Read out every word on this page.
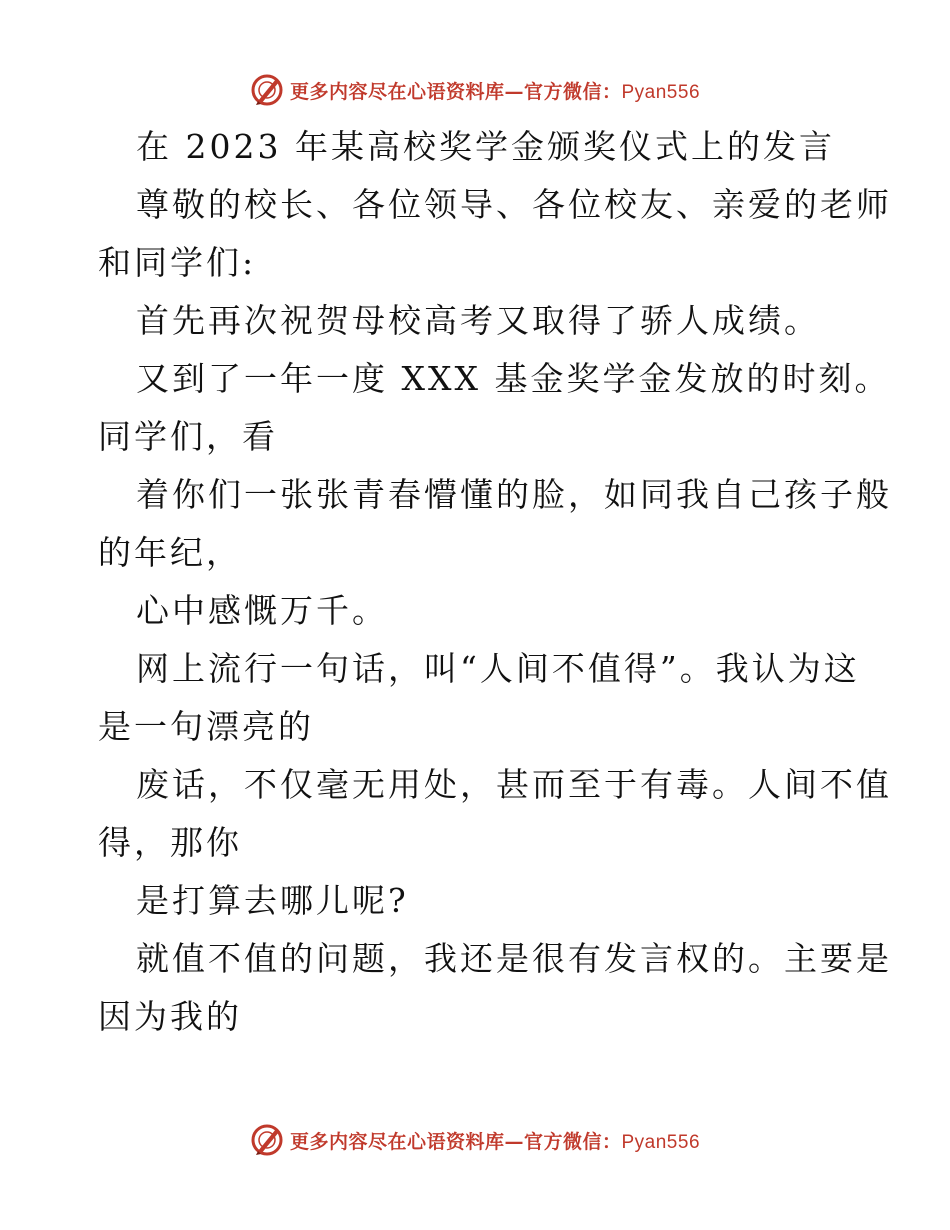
更多内容尽在心语资料库—官方微信：Pyan556
在 2023 年某高校奖学金颁奖仪式上的发言
尊敬的校长、各位领导、各位校友、亲爱的老师
和同学们:
首先再次祝贺母校高考又取得了骄人成绩。
又到了一年一度 XXX 基金奖学金发放的时刻。
同学们，看
着你们一张张青春懵懂的脸，如同我自己孩子般
的年纪，
心中感慨万千。
网上流行一句话，叫“人间不值得”。我认为这
是一句漂亮的
废话，不仅毫无用处，甚而至于有毒。人间不值
得，那你
是打算去哪儿呢?
就值不值的问题，我还是很有发言权的。主要是
因为我的
更多内容尽在心语资料库—官方微信：Pyan556
